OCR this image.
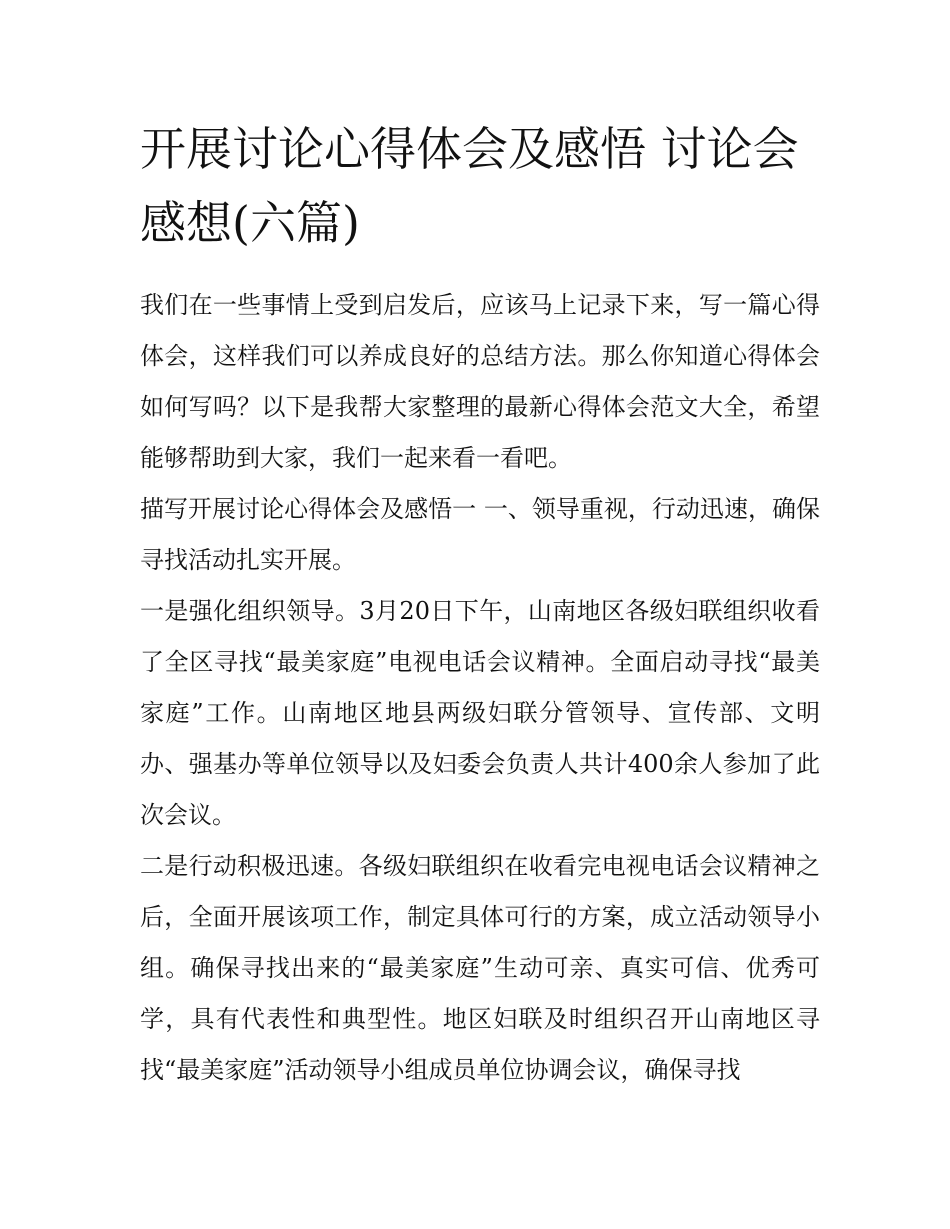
开展讨论心得体会及感悟 讨论会感想(六篇)

我们在一些事情上受到启发后，应该马上记录下来，写一篇心得体会，这样我们可以养成良好的总结方法。那么你知道心得体会如何写吗？以下是我帮大家整理的最新心得体会范文大全，希望能够帮助到大家，我们一起来看一看吧。

描写开展讨论心得体会及感悟一 一、领导重视，行动迅速，确保寻找活动扎实开展。

一是强化组织领导。3月20日下午，山南地区各级妇联组织收看了全区寻找“最美家庭”电视电话会议精神。全面启动寻找“最美家庭”工作。山南地区地县两级妇联分管领导、宣传部、文明办、强基办等单位领导以及妇委会负责人共计400余人参加了此次会议。

二是行动积极迅速。各级妇联组织在收看完电视电话会议精神之后，全面开展该项工作，制定具体可行的方案，成立活动领导小组。确保寻找出来的“最美家庭”生动可亲、真实可信、优秀可学，具有代表性和典型性。地区妇联及时组织召开山南地区寻找“最美家庭”活动领导小组成员单位协调会议，确保寻找
